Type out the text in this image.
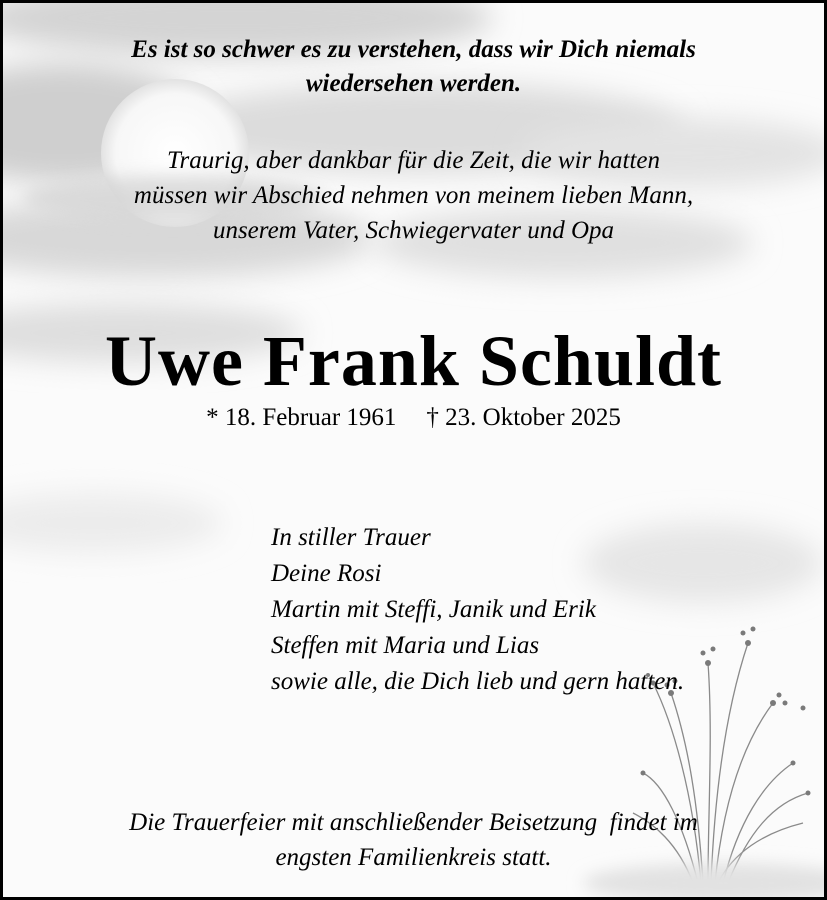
Es ist so schwer es zu verstehen, dass wir Dich niemals
wiedersehen werden.
Traurig, aber dankbar für die Zeit, die wir hatten
müssen wir Abschied nehmen von meinem lieben Mann,
unserem Vater, Schwiegervater und Opa
Uwe Frank Schuldt
* 18. Februar 1961 † 23. Oktober 2025
In stiller Trauer
Deine Rosi
Martin mit Steffi, Janik und Erik
Steffen mit Maria und Lias
sowie alle, die Dich lieb und gern hatten.
Die Trauerfeier mit anschließender Beisetzung  findet im
engsten Familienkreis statt.
